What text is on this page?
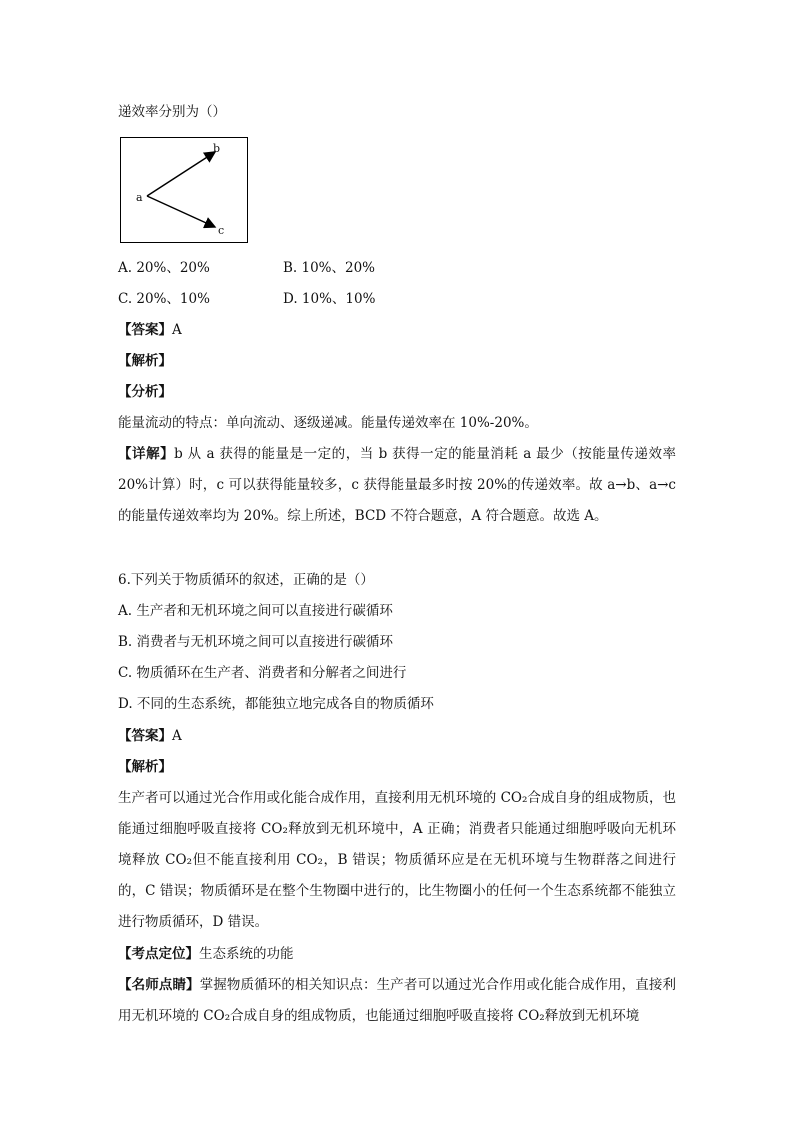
递效率分别为（）
a
b
c
A. 20%、20%	B. 10%、20%
C. 20%、10%	D. 10%、10%
【答案】A
【解析】
【分析】
能量流动的特点：单向流动、逐级递减。能量传递效率在 10%-20%。
【详解】b 从 a 获得的能量是一定的，当 b 获得一定的能量消耗 a 最少（按能量传递效率 20%计算）时，c 可以获得能量较多，c 获得能量最多时按 20%的传递效率。故 a→b、a→c 的能量传递效率均为 20%。综上所述，BCD 不符合题意，A 符合题意。故选 A。
6.下列关于物质循环的叙述，正确的是（）
A. 生产者和无机环境之间可以直接进行碳循环
B. 消费者与无机环境之间可以直接进行碳循环
C. 物质循环在生产者、消费者和分解者之间进行
D. 不同的生态系统，都能独立地完成各自的物质循环
【答案】A
【解析】
生产者可以通过光合作用或化能合成作用，直接利用无机环境的 CO₂合成自身的组成物质，也能通过细胞呼吸直接将 CO₂释放到无机环境中，A 正确；消费者只能通过细胞呼吸向无机环境释放 CO₂但不能直接利用 CO₂，B 错误；物质循环应是在无机环境与生物群落之间进行的，C 错误；物质循环是在整个生物圈中进行的，比生物圈小的任何一个生态系统都不能独立进行物质循环，D 错误。
【考点定位】生态系统的功能
【名师点睛】掌握物质循环的相关知识点：生产者可以通过光合作用或化能合成作用，直接利用无机环境的 CO₂合成自身的组成物质，也能通过细胞呼吸直接将 CO₂释放到无机环境
